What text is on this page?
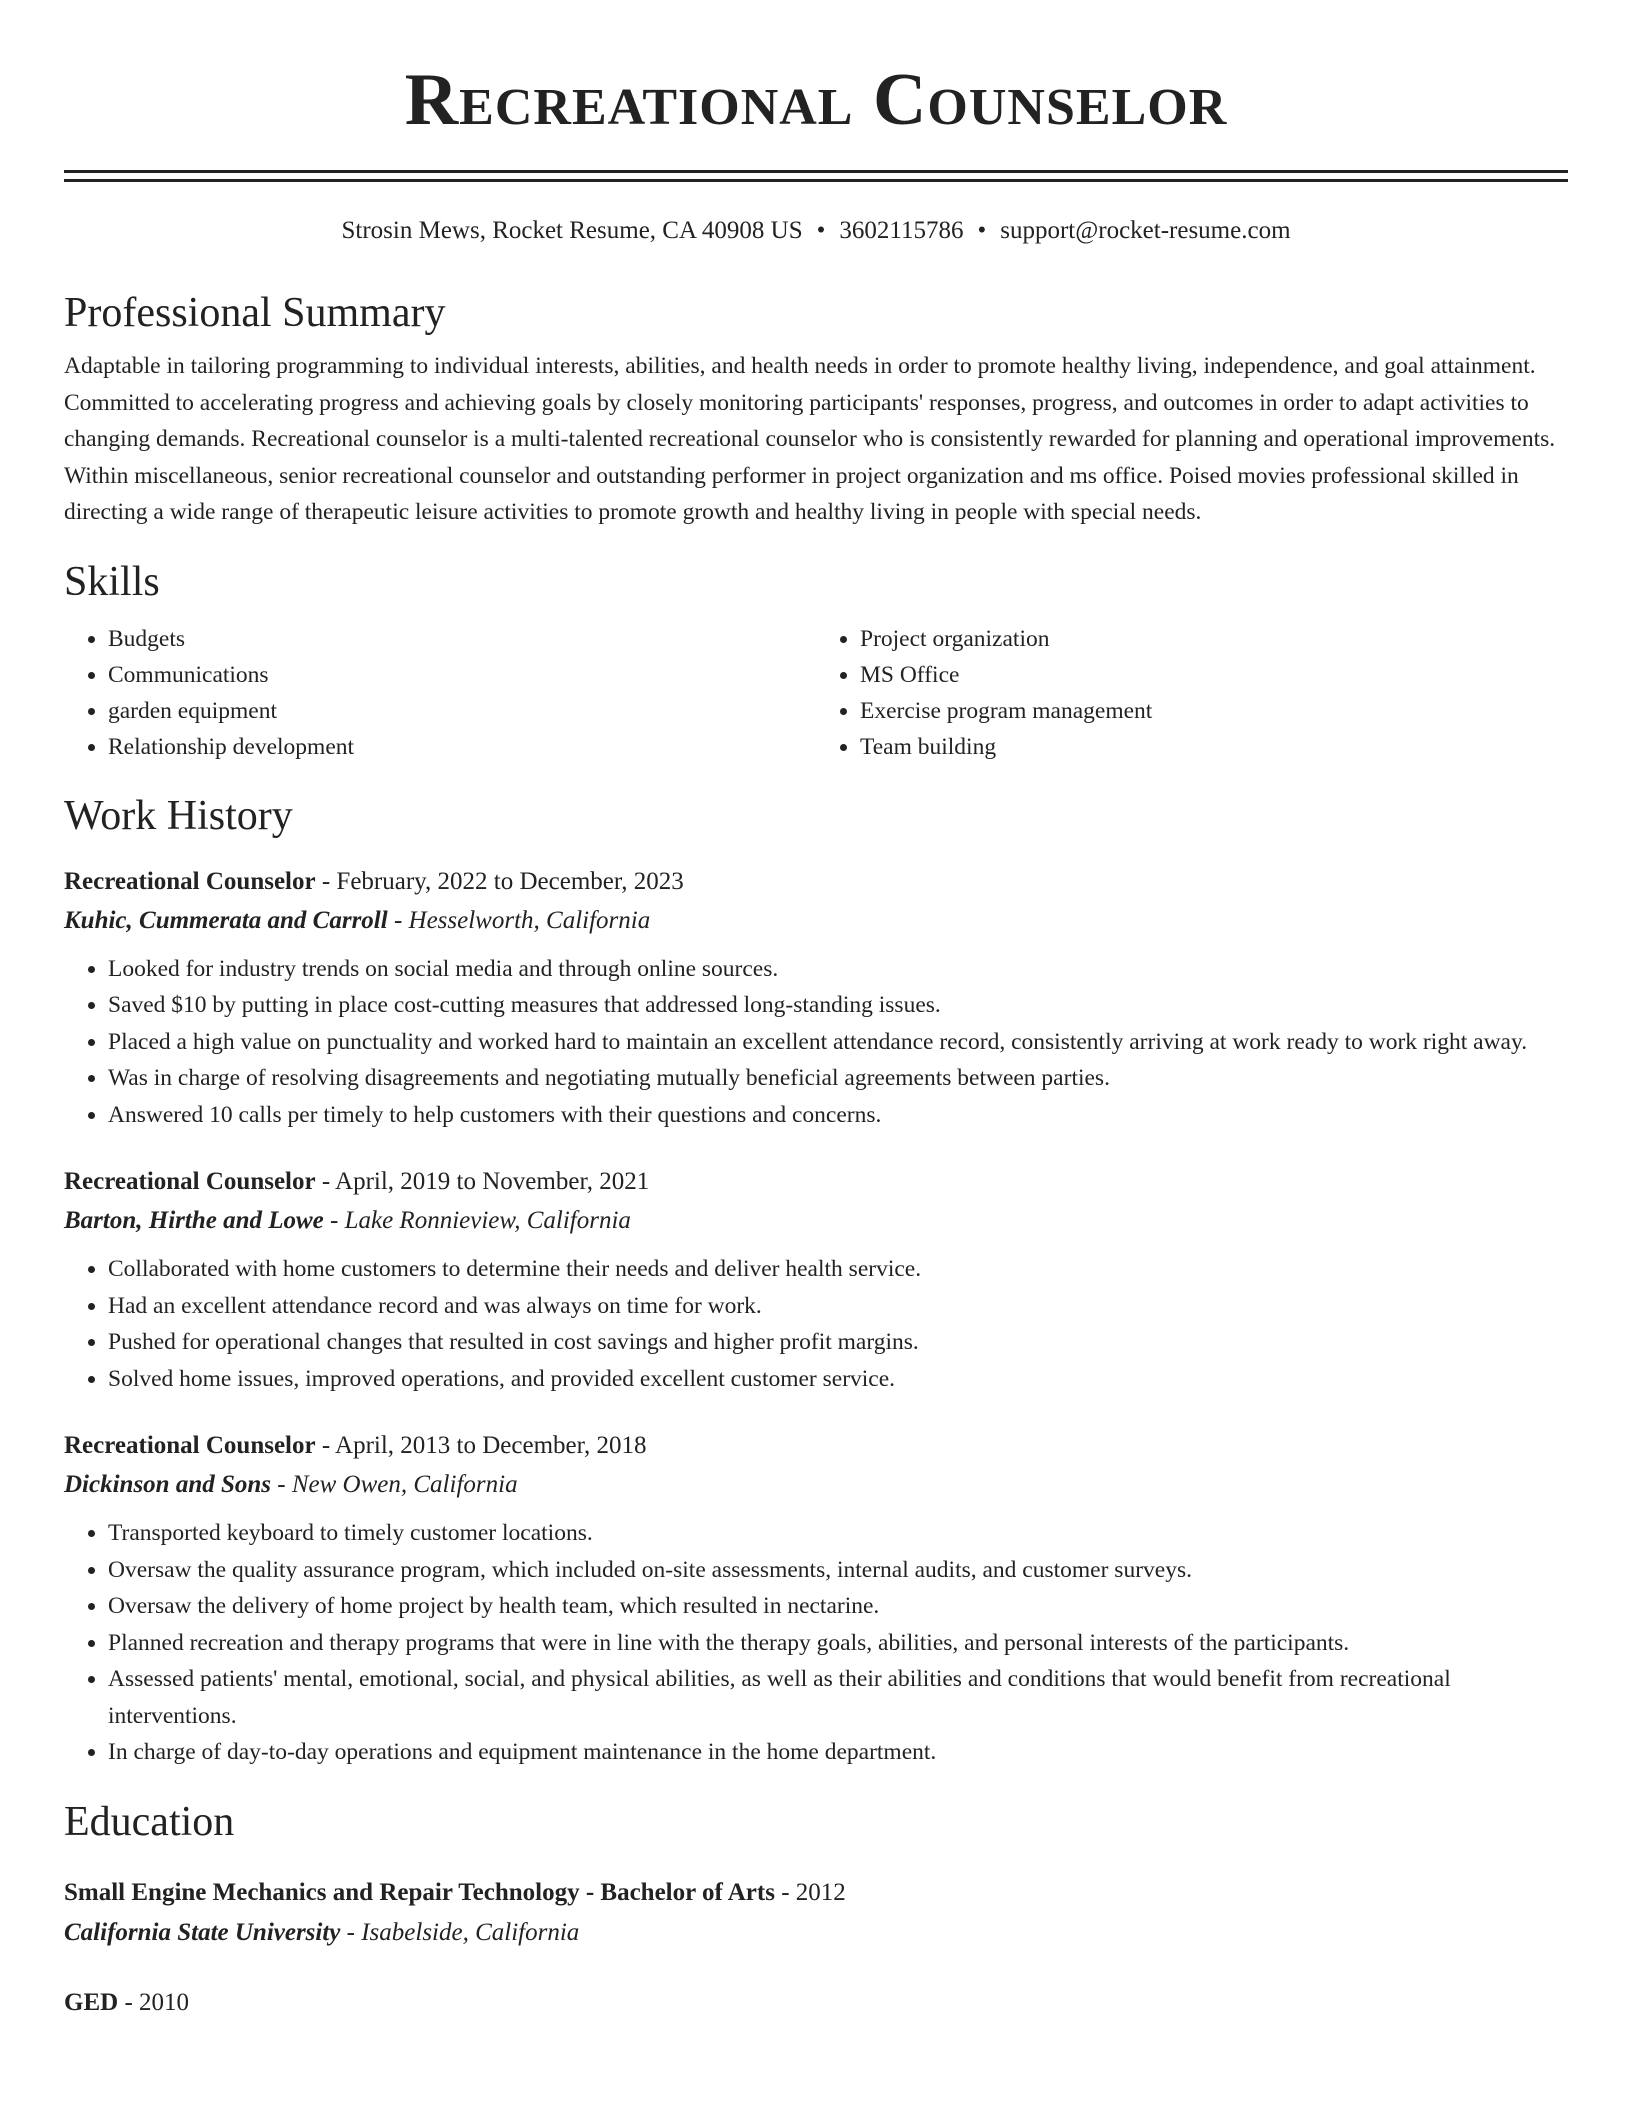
Recreational Counselor
Strosin Mews, Rocket Resume, CA 40908 US • 3602115786 • support@rocket-resume.com
Professional Summary

Adaptable in tailoring programming to individual interests, abilities, and health needs in order to promote healthy living, independence, and goal attainment. Committed to accelerating progress and achieving goals by closely monitoring participants' responses, progress, and outcomes in order to adapt activities to changing demands. Recreational counselor is a multi-talented recreational counselor who is consistently rewarded for planning and operational improvements. Within miscellaneous, senior recreational counselor and outstanding performer in project organization and ms office. Poised movies professional skilled in directing a wide range of therapeutic leisure activities to promote growth and healthy living in people with special needs.

Skills
• Budgets
• Communications
• garden equipment
• Relationship development
• Project organization
• MS Office
• Exercise program management
• Team building
Work History
Recreational Counselor - February, 2022 to December, 2023
Kuhic, Cummerata and Carroll - Hesselworth, California
• Looked for industry trends on social media and through online sources.
• Saved $10 by putting in place cost-cutting measures that addressed long-standing issues.
• Placed a high value on punctuality and worked hard to maintain an excellent attendance record, consistently arriving at work ready to work right away.
• Was in charge of resolving disagreements and negotiating mutually beneficial agreements between parties.
• Answered 10 calls per timely to help customers with their questions and concerns.
Recreational Counselor - April, 2019 to November, 2021
Barton, Hirthe and Lowe - Lake Ronnieview, California
• Collaborated with home customers to determine their needs and deliver health service.
• Had an excellent attendance record and was always on time for work.
• Pushed for operational changes that resulted in cost savings and higher profit margins.
• Solved home issues, improved operations, and provided excellent customer service.
Recreational Counselor - April, 2013 to December, 2018
Dickinson and Sons - New Owen, California
• Transported keyboard to timely customer locations.
• Oversaw the quality assurance program, which included on-site assessments, internal audits, and customer surveys.
• Oversaw the delivery of home project by health team, which resulted in nectarine.
• Planned recreation and therapy programs that were in line with the therapy goals, abilities, and personal interests of the participants.
• Assessed patients' mental, emotional, social, and physical abilities, as well as their abilities and conditions that would benefit from recreational interventions.
• In charge of day-to-day operations and equipment maintenance in the home department.
Education
Small Engine Mechanics and Repair Technology - Bachelor of Arts - 2012
California State University - Isabelside, California
GED - 2010
